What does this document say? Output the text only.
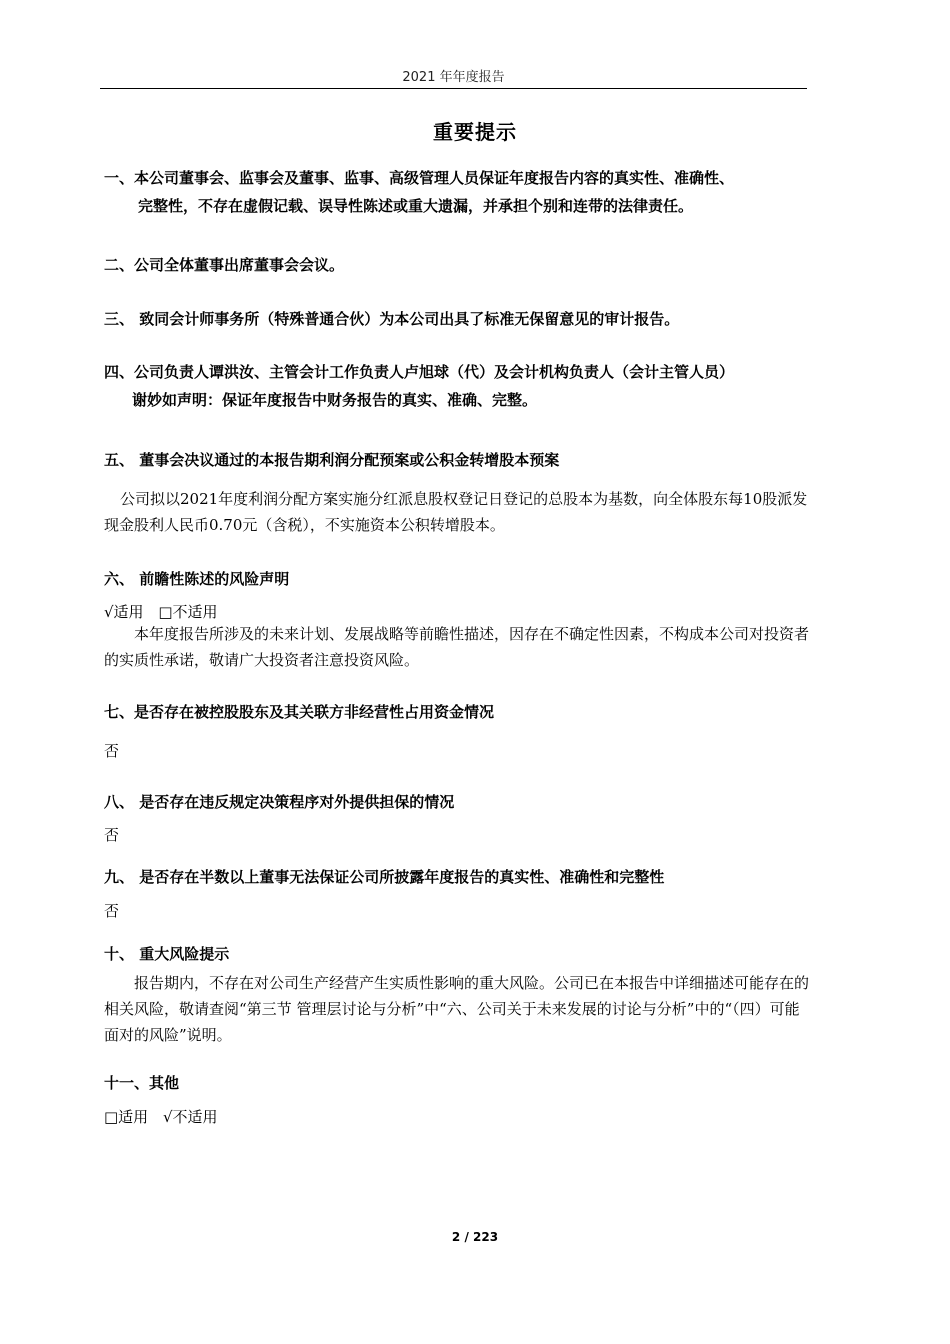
2021 年年度报告
重要提示
一、本公司董事会、监事会及董事、监事、高级管理人员保证年度报告内容的真实性、准确性、
完整性，不存在虚假记载、误导性陈述或重大遗漏，并承担个别和连带的法律责任。
二、公司全体董事出席董事会会议。
三、 致同会计师事务所（特殊普通合伙）为本公司出具了标准无保留意见的审计报告。
四、公司负责人谭洪汝、主管会计工作负责人卢旭球（代）及会计机构负责人（会计主管人员）
谢妙如声明：保证年度报告中财务报告的真实、准确、完整。
五、 董事会决议通过的本报告期利润分配预案或公积金转增股本预案
公司拟以2021年度利润分配方案实施分红派息股权登记日登记的总股本为基数，向全体股东每10股派发现金股利人民币0.70元（含税），不实施资本公积转增股本。
六、 前瞻性陈述的风险声明
√适用 □不适用
本年度报告所涉及的未来计划、发展战略等前瞻性描述，因存在不确定性因素，不构成本公司对投资者的实质性承诺，敬请广大投资者注意投资风险。
七、是否存在被控股股东及其关联方非经营性占用资金情况
否
八、 是否存在违反规定决策程序对外提供担保的情况
否
九、 是否存在半数以上董事无法保证公司所披露年度报告的真实性、准确性和完整性
否
十、 重大风险提示
报告期内，不存在对公司生产经营产生实质性影响的重大风险。公司已在本报告中详细描述可能存在的相关风险，敬请查阅“第三节 管理层讨论与分析”中“六、公司关于未来发展的讨论与分析”中的“（四）可能面对的风险”说明。
十一、其他
□适用 √不适用
2 / 223
